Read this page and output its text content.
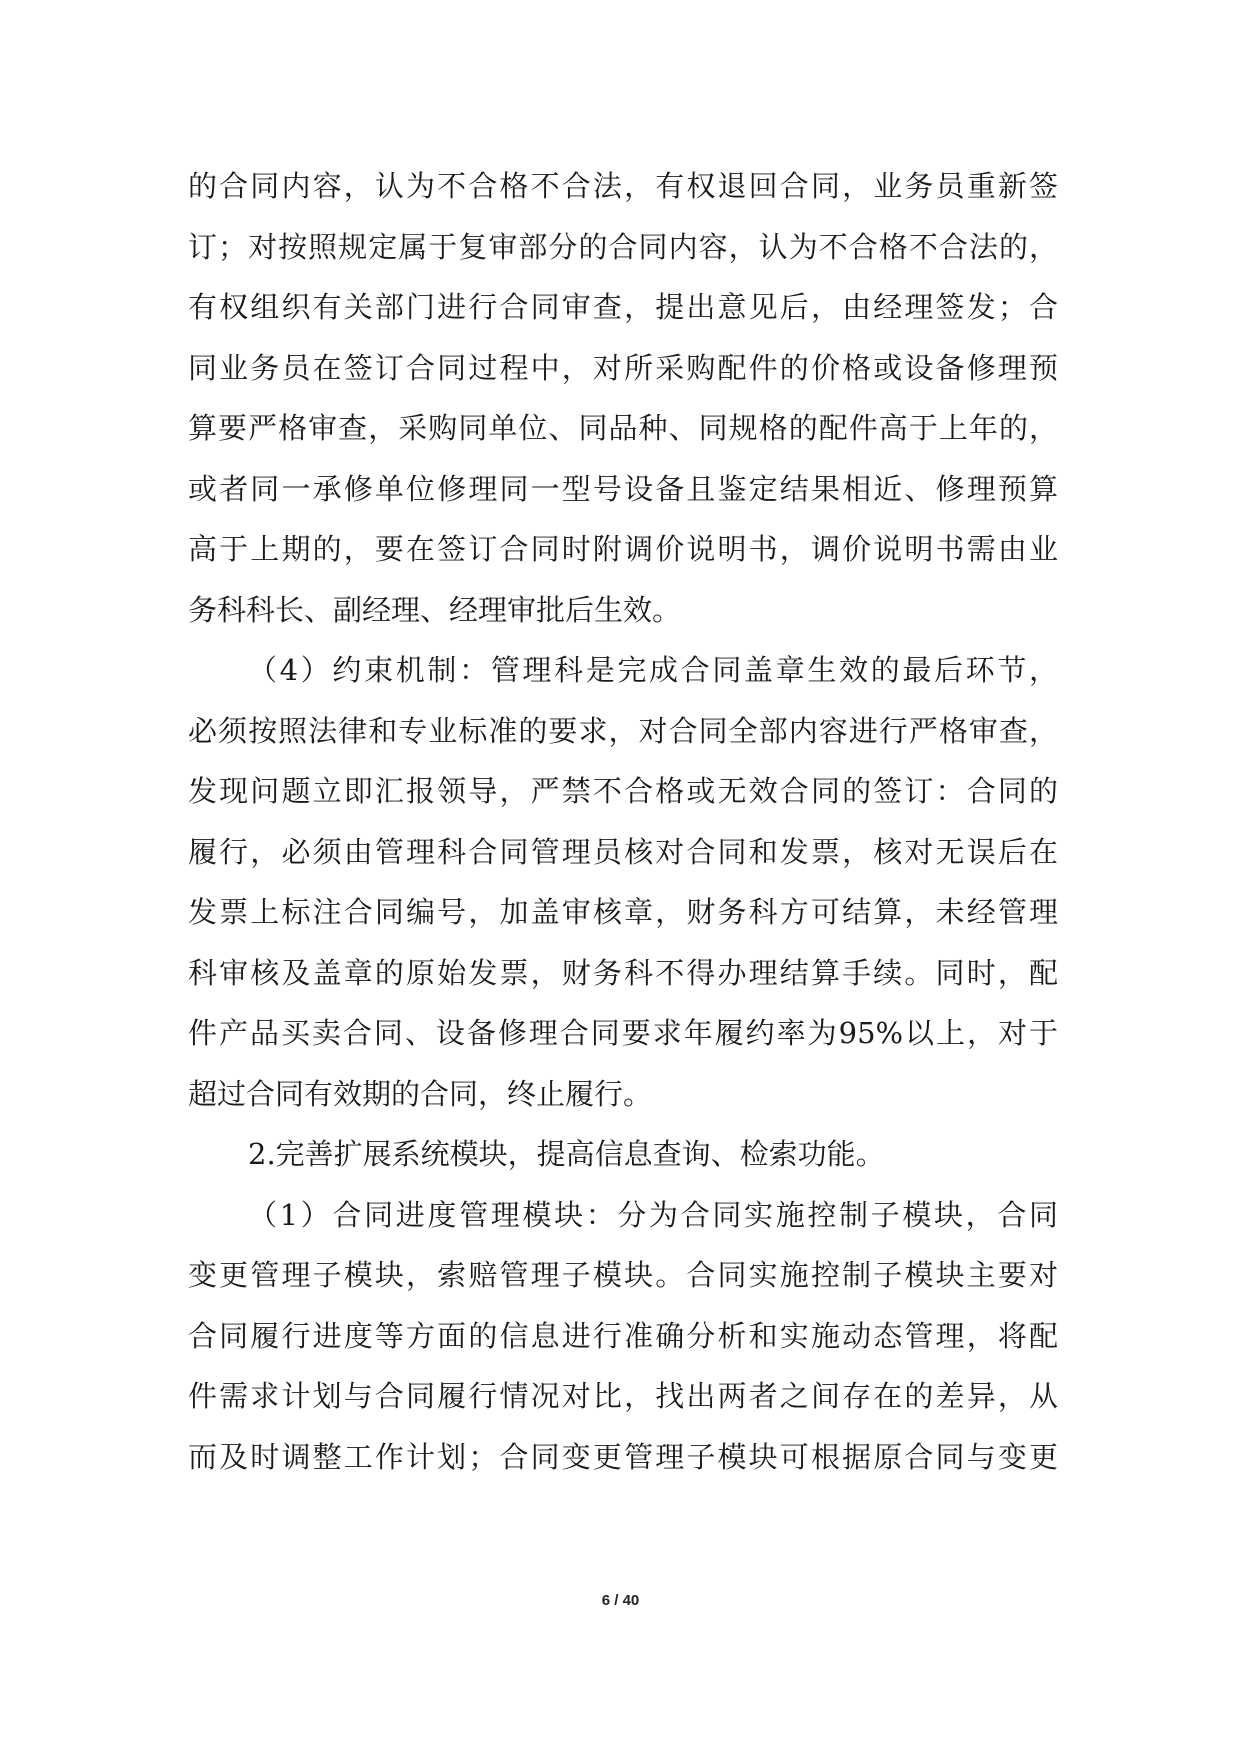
的合同内容，认为不合格不合法，有权退回合同，业务员重新签
订；对按照规定属于复审部分的合同内容，认为不合格不合法的，
有权组织有关部门进行合同审查，提出意见后，由经理签发；合
同业务员在签订合同过程中，对所采购配件的价格或设备修理预
算要严格审查，采购同单位、同品种、同规格的配件高于上年的，
或者同一承修单位修理同一型号设备且鉴定结果相近、修理预算
高于上期的，要在签订合同时附调价说明书，调价说明书需由业
务科科长、副经理、经理审批后生效。
（4）约束机制：管理科是完成合同盖章生效的最后环节，
必须按照法律和专业标准的要求，对合同全部内容进行严格审查，
发现问题立即汇报领导，严禁不合格或无效合同的签订：合同的
履行，必须由管理科合同管理员核对合同和发票，核对无误后在
发票上标注合同编号，加盖审核章，财务科方可结算，未经管理
科审核及盖章的原始发票，财务科不得办理结算手续。同时，配
件产品买卖合同、设备修理合同要求年履约率为95%以上，对于
超过合同有效期的合同，终止履行。
2.完善扩展系统模块，提高信息查询、检索功能。
（1）合同进度管理模块：分为合同实施控制子模块，合同
变更管理子模块，索赔管理子模块。合同实施控制子模块主要对
合同履行进度等方面的信息进行准确分析和实施动态管理，将配
件需求计划与合同履行情况对比，找出两者之间存在的差异，从
而及时调整工作计划；合同变更管理子模块可根据原合同与变更
6 / 40
